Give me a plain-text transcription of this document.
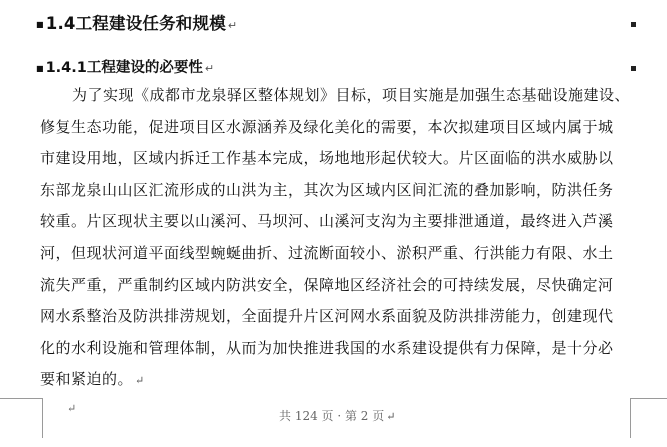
■ 1.4工程建设任务和规模 ↵
■ 1.4.1工程建设的必要性 ↵
为了实现《成都市龙泉驿区整体规划》目标，项目实施是加强生态基础设施建设、
修复生态功能，促进项目区水源涵养及绿化美化的需要，本次拟建项目区域内属于城
市建设用地，区域内拆迁工作基本完成，场地地形起伏较大。片区面临的洪水威胁以
东部龙泉山山区汇流形成的山洪为主，其次为区域内区间汇流的叠加影响，防洪任务
较重。片区现状主要以山溪河、马坝河、山溪河支沟为主要排泄通道，最终进入芦溪
河，但现状河道平面线型蜿蜒曲折、过流断面较小、淤积严重、行洪能力有限、水土
流失严重，严重制约区域内防洪安全，保障地区经济社会的可持续发展，尽快确定河
网水系整治及防洪排涝规划，全面提升片区河网水系面貌及防洪排涝能力，创建现代
化的水利设施和管理体制，从而为加快推进我国的水系建设提供有力保障，是十分必
要和紧迫的。 ↵
↵
共 124 页 · 第 2 页 ↵
